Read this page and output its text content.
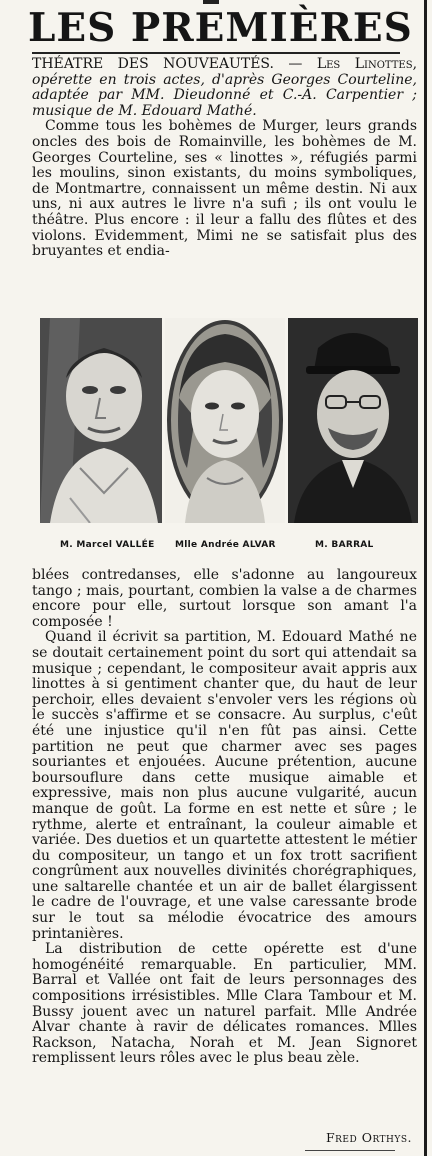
LES PREMIÈRES

THÉATRE DES NOUVEAUTÉS. — Les Linottes, opérette en trois actes, d'après Georges Courteline, adaptée par MM. Dieudonné et C.-A. Carpentier ; musique de M. Edouard Mathé.

Comme tous les bohèmes de Murger, leurs grands oncles des bois de Romainville, les bohèmes de M. Georges Courteline, ses « linottes », réfugiés parmi les moulins, sinon existants, du moins symboliques, de Montmartre, connaissent un même destin. Ni aux uns, ni aux autres le livre n'a sufi ; ils ont voulu le théâtre. Plus encore : il leur a fallu des flûtes et des violons. Evidemment, Mimi ne se satisfait plus des bruyantes et endia-

M. Marcel VALLÉE Mlle Andrée ALVAR	M. BARRAL

blées contredanses, elle s'adonne au langoureux tango ; mais, pourtant, combien la valse a de charmes encore pour elle, surtout lorsque son amant l'a composée !

Quand il écrivit sa partition, M. Edouard Mathé ne se doutait certainement point du sort qui attendait sa musique ; cependant, le compositeur avait appris aux linottes à si gentiment chanter que, du haut de leur perchoir, elles devaient s'envoler vers les régions où le succès s'affirme et se consacre. Au surplus, c'eût été une injustice qu'il n'en fût pas ainsi. Cette partition ne peut que charmer avec ses pages souriantes et enjouées. Aucune prétention, aucune boursouflure dans cette musique aimable et expressive, mais non plus aucune vulgarité, aucun manque de goût. La forme en est nette et sûre ; le rythme, alerte et entraînant, la couleur aimable et variée. Des duetios et un quartette attestent le métier du compositeur, un tango et un fox trott sacrifient congrûment aux nouvelles divinités chorégraphiques, une saltarelle chantée et un air de ballet élargissent le cadre de l'ouvrage, et une valse caressante brode sur le tout sa mélodie évocatrice des amours printanières.

La distribution de cette opérette est d'une homogénéité remarquable. En particulier, MM. Barral et Vallée ont fait de leurs personnages des compositions irrésistibles. Mlle Clara Tambour et M. Bussy jouent avec un naturel parfait. Mlle Andrée Alvar chante à ravir de délicates romances. Mlles Rackson, Natacha, Norah et M. Jean Signoret remplissent leurs rôles avec le plus beau zèle.

Fred Orthys.
